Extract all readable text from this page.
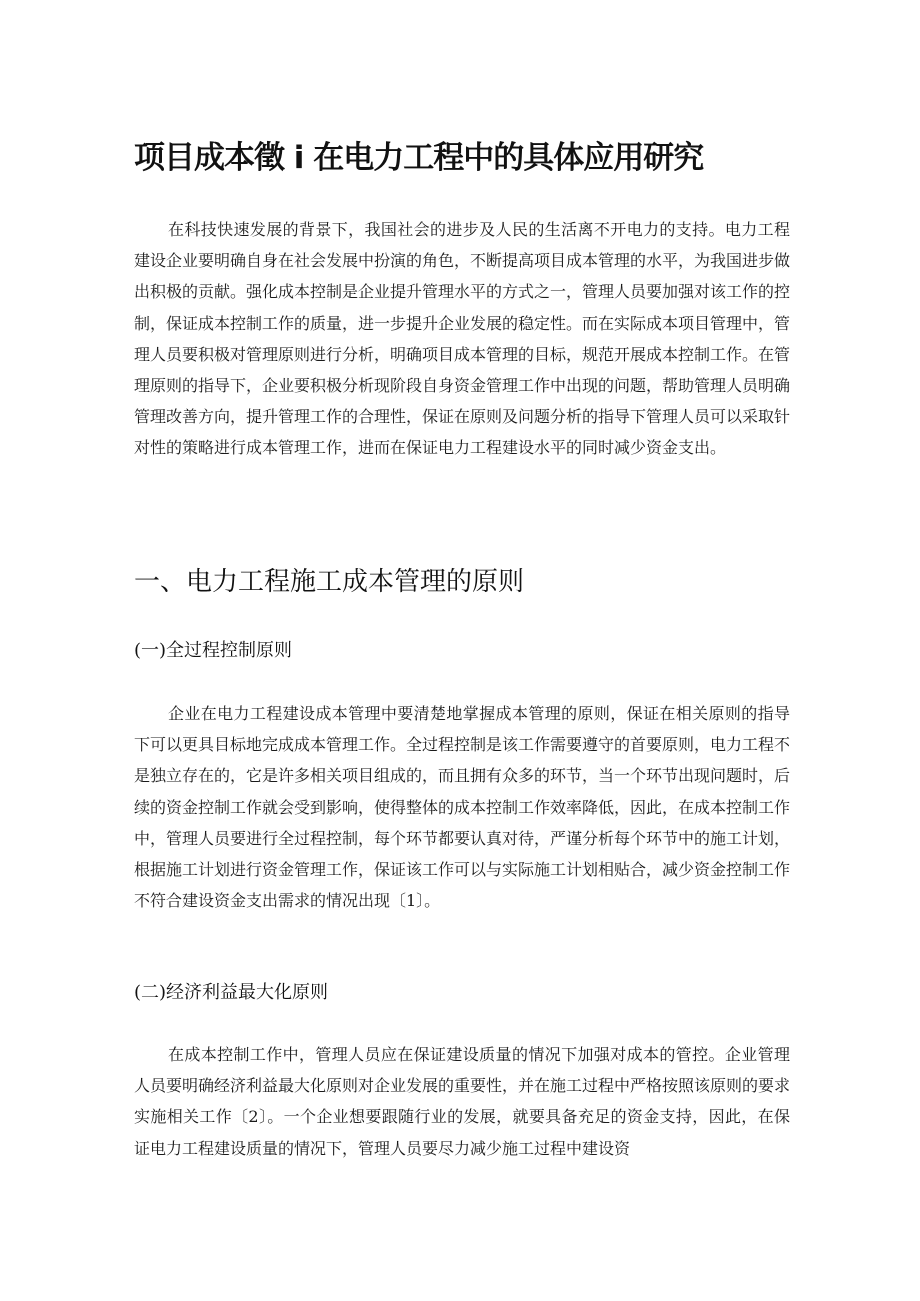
项目成本徵 i 在电力工程中的具体应用研究

在科技快速发展的背景下，我国社会的进步及人民的生活离不开电力的支持。电力工程建设企业要明确自身在社会发展中扮演的角色，不断提高项目成本管理的水平，为我国进步做出积极的贡献。强化成本控制是企业提升管理水平的方式之一，管理人员要加强对该工作的控制，保证成本控制工作的质量，进一步提升企业发展的稳定性。而在实际成本项目管理中，管理人员要积极对管理原则进行分析，明确项目成本管理的目标，规范开展成本控制工作。在管理原则的指导下，企业要积极分析现阶段自身资金管理工作中出现的问题，帮助管理人员明确管理改善方向，提升管理工作的合理性，保证在原则及问题分析的指导下管理人员可以采取针对性的策略进行成本管理工作，进而在保证电力工程建设水平的同时减少资金支出。

一、电力工程施工成本管理的原则
(一)全过程控制原则

企业在电力工程建设成本管理中要清楚地掌握成本管理的原则，保证在相关原则的指导下可以更具目标地完成成本管理工作。全过程控制是该工作需要遵守的首要原则，电力工程不是独立存在的，它是许多相关项目组成的，而且拥有众多的环节，当一个环节出现问题时，后续的资金控制工作就会受到影响，使得整体的成本控制工作效率降低，因此，在成本控制工作中，管理人员要进行全过程控制，每个环节都要认真对待，严谨分析每个环节中的施工计划，根据施工计划进行资金管理工作，保证该工作可以与实际施工计划相贴合，减少资金控制工作不符合建设资金支出需求的情况出现〔1〕。

(二)经济利益最大化原则

在成本控制工作中，管理人员应在保证建设质量的情况下加强对成本的管控。企业管理人员要明确经济利益最大化原则对企业发展的重要性，并在施工过程中严格按照该原则的要求实施相关工作〔2〕。一个企业想要跟随行业的发展，就要具备充足的资金支持，因此，在保证电力工程建设质量的情况下，管理人员要尽力减少施工过程中建设资
